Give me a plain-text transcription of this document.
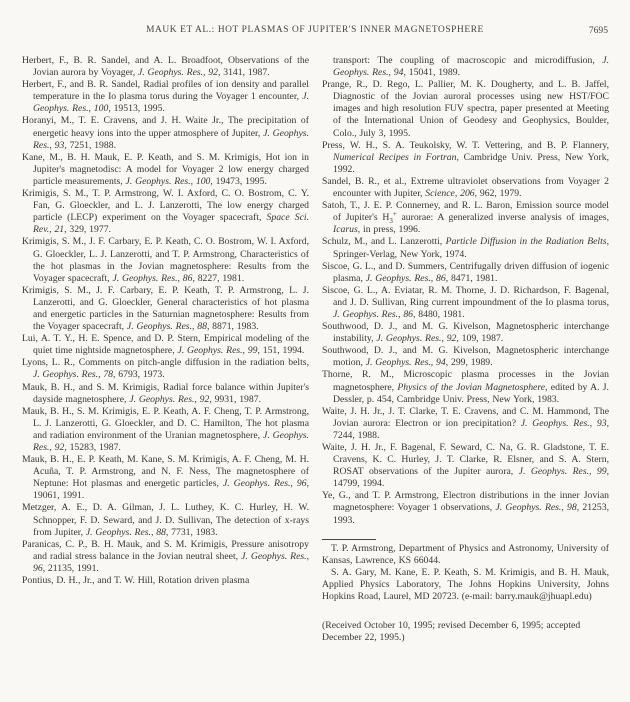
MAUK ET AL.: HOT PLASMAS OF JUPITER'S INNER MAGNETOSPHERE	7695

Herbert, F., B. R. Sandel, and A. L. Broadfoot, Observations of the Jovian aurora by Voyager, J. Geophys. Res., 92, 3141, 1987.

Herbert, F., and B. R. Sandel, Radial profiles of ion density and parallel temperature in the Io plasma torus during the Voyager 1 encounter, J. Geophys. Res., 100, 19513, 1995.

Horanyi, M., T. E. Cravens, and J. H. Waite Jr., The precipitation of energetic heavy ions into the upper atmosphere of Jupiter, J. Geophys. Res., 93, 7251, 1988.

Kane, M., B. H. Mauk, E. P. Keath, and S. M. Krimigis, Hot ion in Jupiter's magnetodisc: A model for Voyager 2 low energy charged particle measurements, J. Geophys. Res., 100, 19473, 1995.

Krimigis, S. M., T. P. Armstrong, W. I. Axford, C. O. Bostrom, C. Y. Fan, G. Gloeckler, and L. J. Lanzerotti, The low energy charged particle (LECP) experiment on the Voyager spacecraft, Space Sci. Rev., 21, 329, 1977.

Krimigis, S. M., J. F. Carbary, E. P. Keath, C. O. Bostrom, W. I. Axford, G. Gloeckler, L. J. Lanzerotti, and T. P. Armstrong, Characteristics of the hot plasmas in the Jovian magnetosphere: Results from the Voyager spacecraft, J. Geophys. Res., 86, 8227, 1981.

Krimigis, S. M., J. F. Carbary, E. P. Keath, T. P. Armstrong, L. J. Lanzerotti, and G. Gloeckler, General characteristics of hot plasma and energetic particles in the Saturnian magnetosphere: Results from the Voyager spacecraft, J. Geophys. Res., 88, 8871, 1983.

Lui, A. T. Y., H. E. Spence, and D. P. Stern, Empirical modeling of the quiet time nightside magnetosphere, J. Geophys. Res., 99, 151, 1994.

Lyons, L. R., Comments on pitch-angle diffusion in the radiation belts, J. Geophys. Res., 78, 6793, 1973.

Mauk, B. H., and S. M. Krimigis, Radial force balance within Jupiter's dayside magnetosphere, J. Geophys. Res., 92, 9931, 1987.

Mauk, B. H., S. M. Krimigis, E. P. Keath, A. F. Cheng, T. P. Armstrong, L. J. Lanzerotti, G. Gloeckler, and D. C. Hamilton, The hot plasma and radiation environment of the Uranian magnetosphere, J. Geophys. Res., 92, 15283, 1987.

Mauk, B. H., E. P. Keath, M. Kane, S. M. Krimigis, A. F. Cheng, M. H. Acuña, T. P. Armstrong, and N. F. Ness, The magnetosphere of Neptune: Hot plasmas and energetic particles, J. Geophys. Res., 96, 19061, 1991.

Metzger, A. E., D. A. Gilman, J. L. Luthey, K. C. Hurley, H. W. Schnopper, F. D. Seward, and J. D. Sullivan, The detection of x-rays from Jupiter, J. Geophys. Res., 88, 7731, 1983.

Paranicas, C. P., B. H. Mauk, and S. M. Krimigis, Pressure anisotropy and radial stress balance in the Jovian neutral sheet, J. Geophys. Res., 96, 21135, 1991.

Pontius, D. H., Jr., and T. W. Hill, Rotation driven plasma

transport: The coupling of macroscopic and microdiffusion, J. Geophys. Res., 94, 15041, 1989.

Prange, R., D. Rego, L. Pallier, M. K. Dougherty, and L. B. Jaffel, Diagnostic of the Jovian auroral processes using new HST/FOC images and high resolution FUV spectra, paper presented at Meeting of the International Union of Geodesy and Geophysics, Boulder, Colo., July 3, 1995.

Press, W. H., S. A. Teukolsky, W. T. Vettering, and B. P. Flannery, Numerical Recipes in Fortran, Cambridge Univ. Press, New York, 1992.

Sandel, B. R., et al., Extreme ultraviolet observations from Voyager 2 encounter with Jupiter, Science, 206, 962, 1979.

Satoh, T., J. E. P. Connerney, and R. L. Baron, Emission source model of Jupiter's $H_3^+$ aurorae: A generalized inverse analysis of images, Icarus, in press, 1996.

Schulz, M., and L. Lanzerotti, Particle Diffusion in the Radiation Belts, Springer-Verlag, New York, 1974.

Siscoe, G. L., and D. Summers, Centrifugally driven diffusion of iogenic plasma, J. Geophys. Res., 86, 8471, 1981.

Siscoe, G. L., A. Eviatar, R. M. Thorne, J. D. Richardson, F. Bagenal, and J. D. Sullivan, Ring current impoundment of the Io plasma torus, J. Geophys. Res., 86, 8480, 1981.

Southwood, D. J., and M. G. Kivelson, Magnetospheric interchange instability, J. Geophys. Res., 92, 109, 1987.

Southwood, D. J., and M. G. Kivelson, Magnetospheric interchange motion, J. Geophys. Res., 94, 299, 1989.

Thorne, R. M., Microscopic plasma processes in the Jovian magnetosphere, Physics of the Jovian Magnetosphere, edited by A. J. Dessler, p. 454, Cambridge Univ. Press, New York, 1983.

Waite, J. H. Jr., J. T. Clarke, T. E. Cravens, and C. M. Hammond, The Jovian aurora: Electron or ion precipitation? J. Geophys. Res., 93, 7244, 1988.

Waite, J. H. Jr., F. Bagenal, F. Seward, C. Na, G. R. Gladstone, T. E. Cravens, K. C. Hurley, J. T. Clarke, R. Elsner, and S. A. Stern, ROSAT observations of the Jupiter aurora, J. Geophys. Res., 99, 14799, 1994.

Ye, G., and T. P. Armstrong, Electron distributions in the inner Jovian magnetosphere: Voyager 1 observations, J. Geophys. Res., 98, 21253, 1993.

T. P. Armstrong, Department of Physics and Astronomy, University of Kansas, Lawrence, KS 66044.

S. A. Gary, M. Kane, E. P. Keath, S. M. Krimigis, and B. H. Mauk, Applied Physics Laboratory, The Johns Hopkins University, Johns Hopkins Road, Laurel, MD 20723. (e-mail: barry.mauk@jhuapl.edu)

(Received October 10, 1995; revised December 6, 1995; accepted December 22, 1995.)
